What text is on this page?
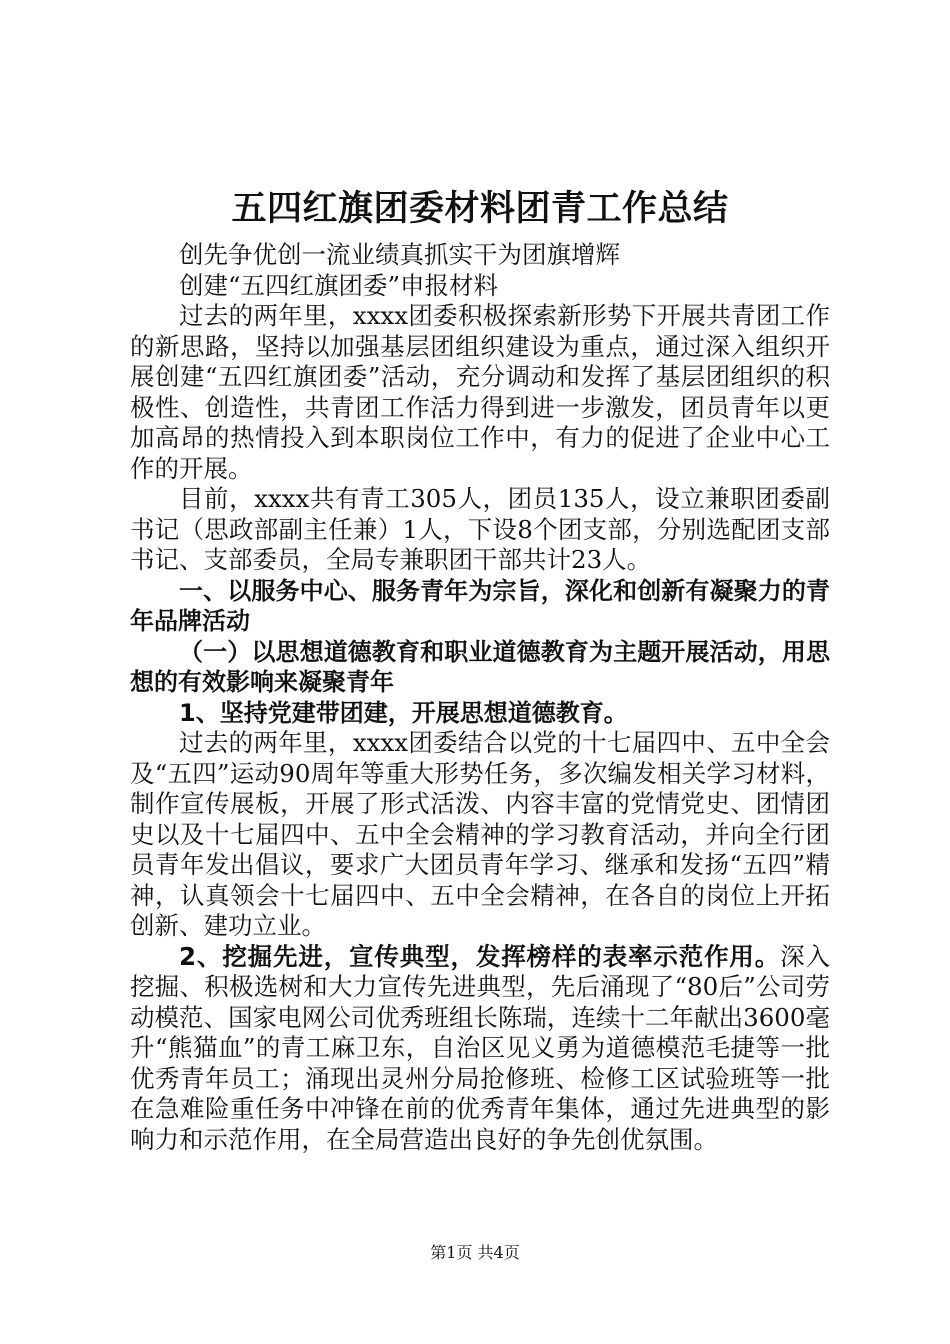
五四红旗团委材料团青工作总结

创先争优创一流业绩真抓实干为团旗增辉

创建“五四红旗团委”申报材料

过去的两年里，xxxx团委积极探索新形势下开展共青团工作的新思路，坚持以加强基层团组织建设为重点，通过深入组织开展创建“五四红旗团委”活动，充分调动和发挥了基层团组织的积极性、创造性，共青团工作活力得到进一步激发，团员青年以更加高昂的热情投入到本职岗位工作中，有力的促进了企业中心工作的开展。

目前，xxxx共有青工305人，团员135人，设立兼职团委副书记（思政部副主任兼）1人，下设8个团支部，分别选配团支部书记、支部委员，全局专兼职团干部共计23人。

一、以服务中心、服务青年为宗旨，深化和创新有凝聚力的青年品牌活动

（一）以思想道德教育和职业道德教育为主题开展活动，用思想的有效影响来凝聚青年

1、坚持党建带团建，开展思想道德教育。

过去的两年里，xxxx团委结合以党的十七届四中、五中全会及“五四”运动90周年等重大形势任务，多次编发相关学习材料，制作宣传展板，开展了形式活泼、内容丰富的党情党史、团情团史以及十七届四中、五中全会精神的学习教育活动，并向全行团员青年发出倡议，要求广大团员青年学习、继承和发扬“五四”精神，认真领会十七届四中、五中全会精神，在各自的岗位上开拓创新、建功立业。

2、挖掘先进，宣传典型，发挥榜样的表率示范作用。深入挖掘、积极选树和大力宣传先进典型，先后涌现了“80后”公司劳动模范、国家电网公司优秀班组长陈瑞，连续十二年献出3600毫升“熊猫血”的青工麻卫东，自治区见义勇为道德模范毛捷等一批优秀青年员工；涌现出灵州分局抢修班、检修工区试验班等一批在急难险重任务中冲锋在前的优秀青年集体，通过先进典型的影响力和示范作用，在全局营造出良好的争先创优氛围。

第1页 共4页
